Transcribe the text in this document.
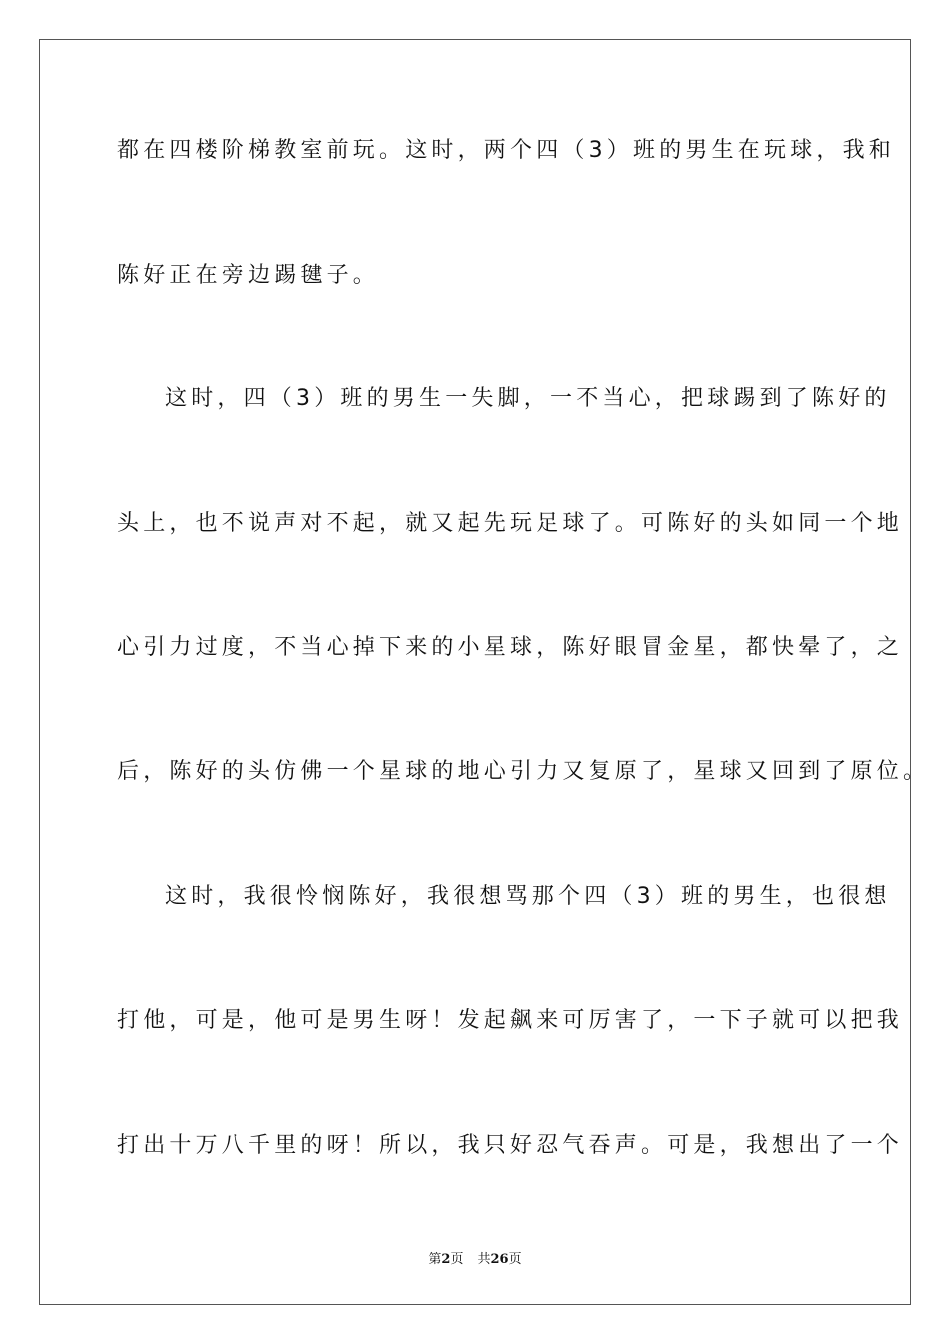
都在四楼阶梯教室前玩。这时，两个四（3）班的男生在玩球，我和
陈好正在旁边踢毽子。
这时，四（3）班的男生一失脚，一不当心，把球踢到了陈好的
头上，也不说声对不起，就又起先玩足球了。可陈好的头如同一个地
心引力过度，不当心掉下来的小星球，陈好眼冒金星，都快晕了，之
后，陈好的头仿佛一个星球的地心引力又复原了，星球又回到了原位。
这时，我很怜悯陈好，我很想骂那个四（3）班的男生，也很想
打他，可是，他可是男生呀！发起飙来可厉害了，一下子就可以把我
打出十万八千里的呀！所以，我只好忍气吞声。可是，我想出了一个
第2页 共26页
